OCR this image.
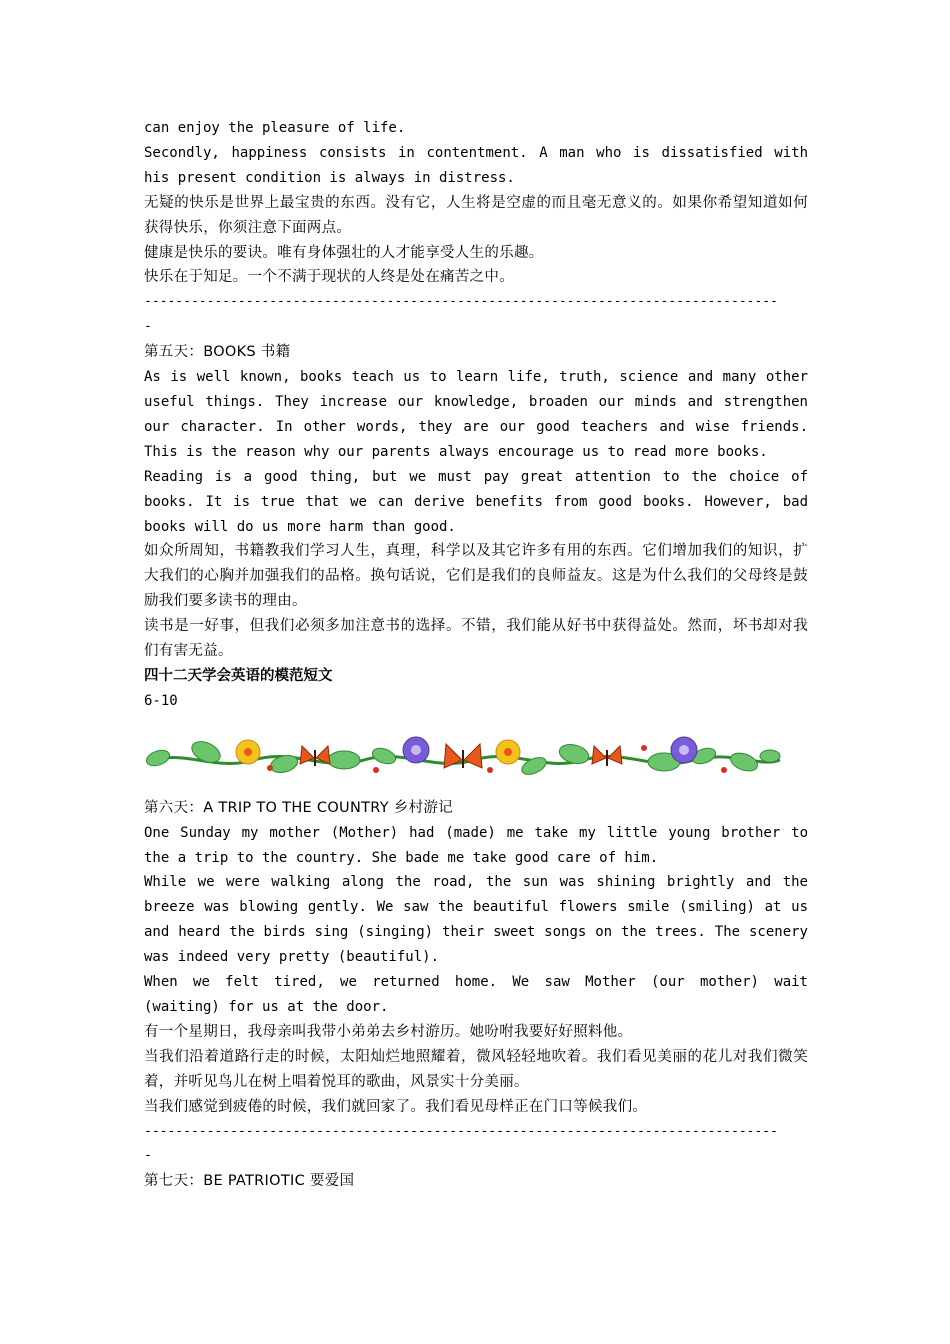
can enjoy the pleasure of life.
Secondly, happiness consists in contentment. A man who is dissatisfied with his present condition is always in distress.
无疑的快乐是世界上最宝贵的东西。没有它，人生将是空虚的而且毫无意义的。如果你希望知道如何获得快乐，你须注意下面两点。
健康是快乐的要诀。唯有身体强壮的人才能享受人生的乐趣。
快乐在于知足。一个不满于现状的人终是处在痛苦之中。
---------------------------------------------------------------------------------
-
第五天：BOOKS 书籍
As is well known, books teach us to learn life, truth, science and many other useful things. They increase our knowledge, broaden our minds and strengthen our character. In other words, they are our good teachers and wise friends. This is the reason why our parents always encourage us to read more books.
Reading is a good thing, but we must pay great attention to the choice of books. It is true that we can derive benefits from good books. However, bad books will do us more harm than good.
如众所周知，书籍教我们学习人生，真理，科学以及其它许多有用的东西。它们增加我们的知识，扩大我们的心胸并加强我们的品格。换句话说，它们是我们的良师益友。这是为什么我们的父母终是鼓励我们要多读书的理由。
读书是一好事，但我们必须多加注意书的选择。不错，我们能从好书中获得益处。然而，坏书却对我们有害无益。
四十二天学会英语的模范短文
6-10
第六天：A TRIP TO THE COUNTRY 乡村游记
One Sunday my mother (Mother) had (made) me take my little young brother to the a trip to the country. She bade me take good care of him.
While we were walking along the road, the sun was shining brightly and the breeze was blowing gently. We saw the beautiful flowers smile (smiling) at us and heard the birds sing (singing) their sweet songs on the trees. The scenery was indeed very pretty (beautiful).
When we felt tired, we returned home. We saw Mother (our mother) wait (waiting) for us at the door.
有一个星期日，我母亲叫我带小弟弟去乡村游历。她吩咐我要好好照料他。
当我们沿着道路行走的时候，太阳灿烂地照耀着，微风轻轻地吹着。我们看见美丽的花儿对我们微笑着，并听见鸟儿在树上唱着悦耳的歌曲，风景实十分美丽。
当我们感觉到疲倦的时候，我们就回家了。我们看见母样正在门口等候我们。
---------------------------------------------------------------------------------
-
第七天：BE PATRIOTIC 要爱国
